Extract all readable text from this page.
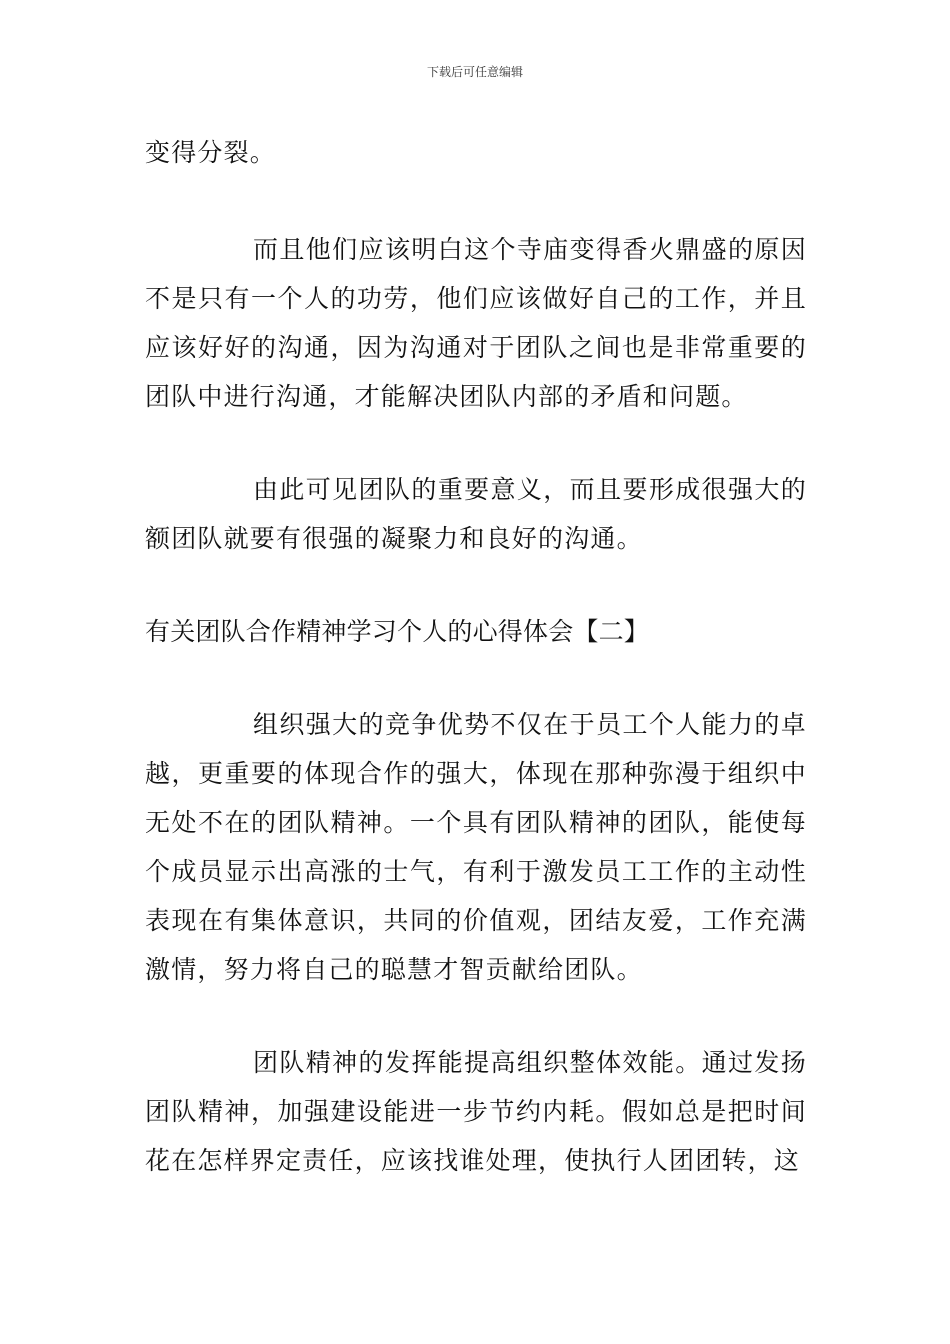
下载后可任意编辑

变得分裂。

而且他们应该明白这个寺庙变得香火鼎盛的原因不是只有一个人的功劳，他们应该做好自己的工作，并且应该好好的沟通，因为沟通对于团队之间也是非常重要的团队中进行沟通，才能解决团队内部的矛盾和问题。

由此可见团队的重要意义，而且要形成很强大的额团队就要有很强的凝聚力和良好的沟通。

有关团队合作精神学习个人的心得体会【二】

组织强大的竞争优势不仅在于员工个人能力的卓越，更重要的体现合作的强大，体现在那种弥漫于组织中无处不在的团队精神。一个具有团队精神的团队，能使每个成员显示出高涨的士气，有利于激发员工工作的主动性表现在有集体意识，共同的价值观，团结友爱，工作充满激情，努力将自己的聪慧才智贡献给团队。

团队精神的发挥能提高组织整体效能。通过发扬团队精神，加强建设能进一步节约内耗。假如总是把时间花在怎样界定责任，应该找谁处理，使执行人团团转，这
